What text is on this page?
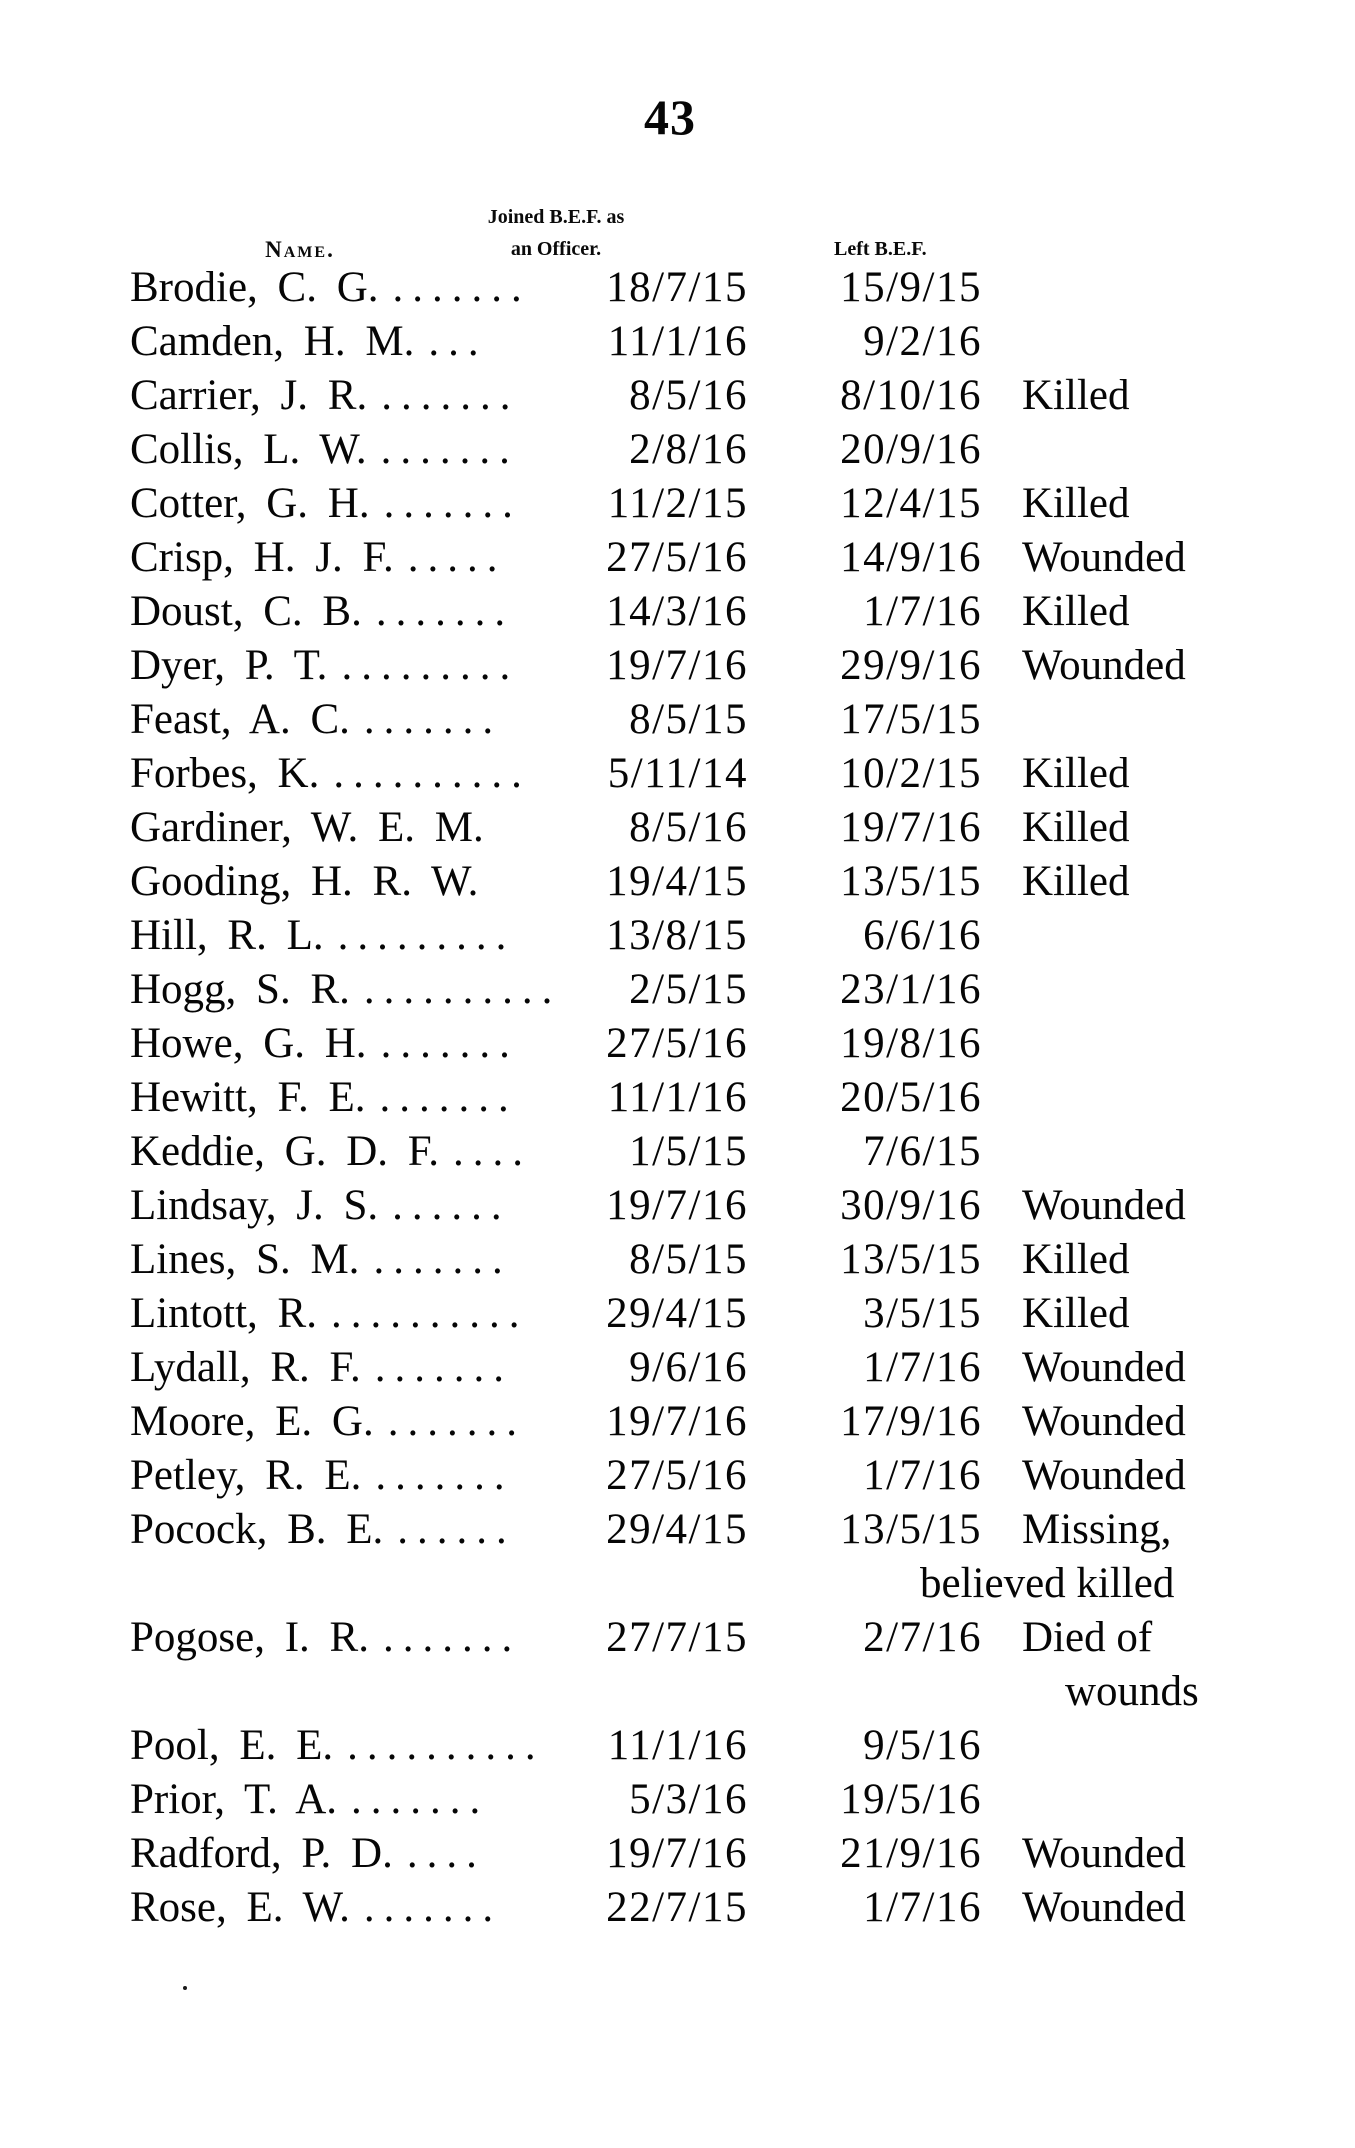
43
Name.
Joined B.E.F. as
an Officer.	Left B.E.F.
Brodie, C. G. .......	18/7/15	15/9/15
Camden, H. M. ...	11/1/16	9/2/16
Carrier, J. R. .......	8/5/16	8/10/16 Killed
Collis, L. W. .......	2/8/16	20/9/16
Cotter, G. H. .......	11/2/15	12/4/15 Killed
Crisp, H. J. F. .....	27/5/16	14/9/16 Wounded
Doust, C. B. .......	14/3/16	1/7/16 Killed
Dyer, P. T. .........	19/7/16	29/9/16 Wounded
Feast, A. C. .......	8/5/15	17/5/15
Forbes, K. ..........	5/11/14	10/2/15 Killed
Gardiner, W. E. M.	8/5/16	19/7/16 Killed
Gooding, H. R. W.	19/4/15	13/5/15 Killed
Hill, R. L. .........	13/8/15	6/6/16
Hogg, S. R. ..........	2/5/15	23/1/16
Howe, G. H. .......	27/5/16	19/8/16
Hewitt, F. E. .......	11/1/16	20/5/16
Keddie, G. D. F. ....	1/5/15	7/6/15
Lindsay, J. S. ......	19/7/16	30/9/16 Wounded
Lines, S. M. .......	8/5/15	13/5/15 Killed
Lintott, R. ..........	29/4/15	3/5/15 Killed
Lydall, R. F. .......	9/6/16	1/7/16 Wounded
Moore, E. G. .......	19/7/16	17/9/16 Wounded
Petley, R. E. .......	27/5/16	1/7/16 Wounded
Pocock, B. E. ......	29/4/15	13/5/15 Missing,
believed killed
Pogose, I. R. .......	27/7/15	2/7/16 Died of
wounds
Pool, E. E. ..........	11/1/16	9/5/16
Prior, T. A. .......	5/3/16	19/5/16
Radford, P. D. ....	19/7/16	21/9/16 Wounded
Rose, E. W. .......	22/7/15	1/7/16 Wounded
